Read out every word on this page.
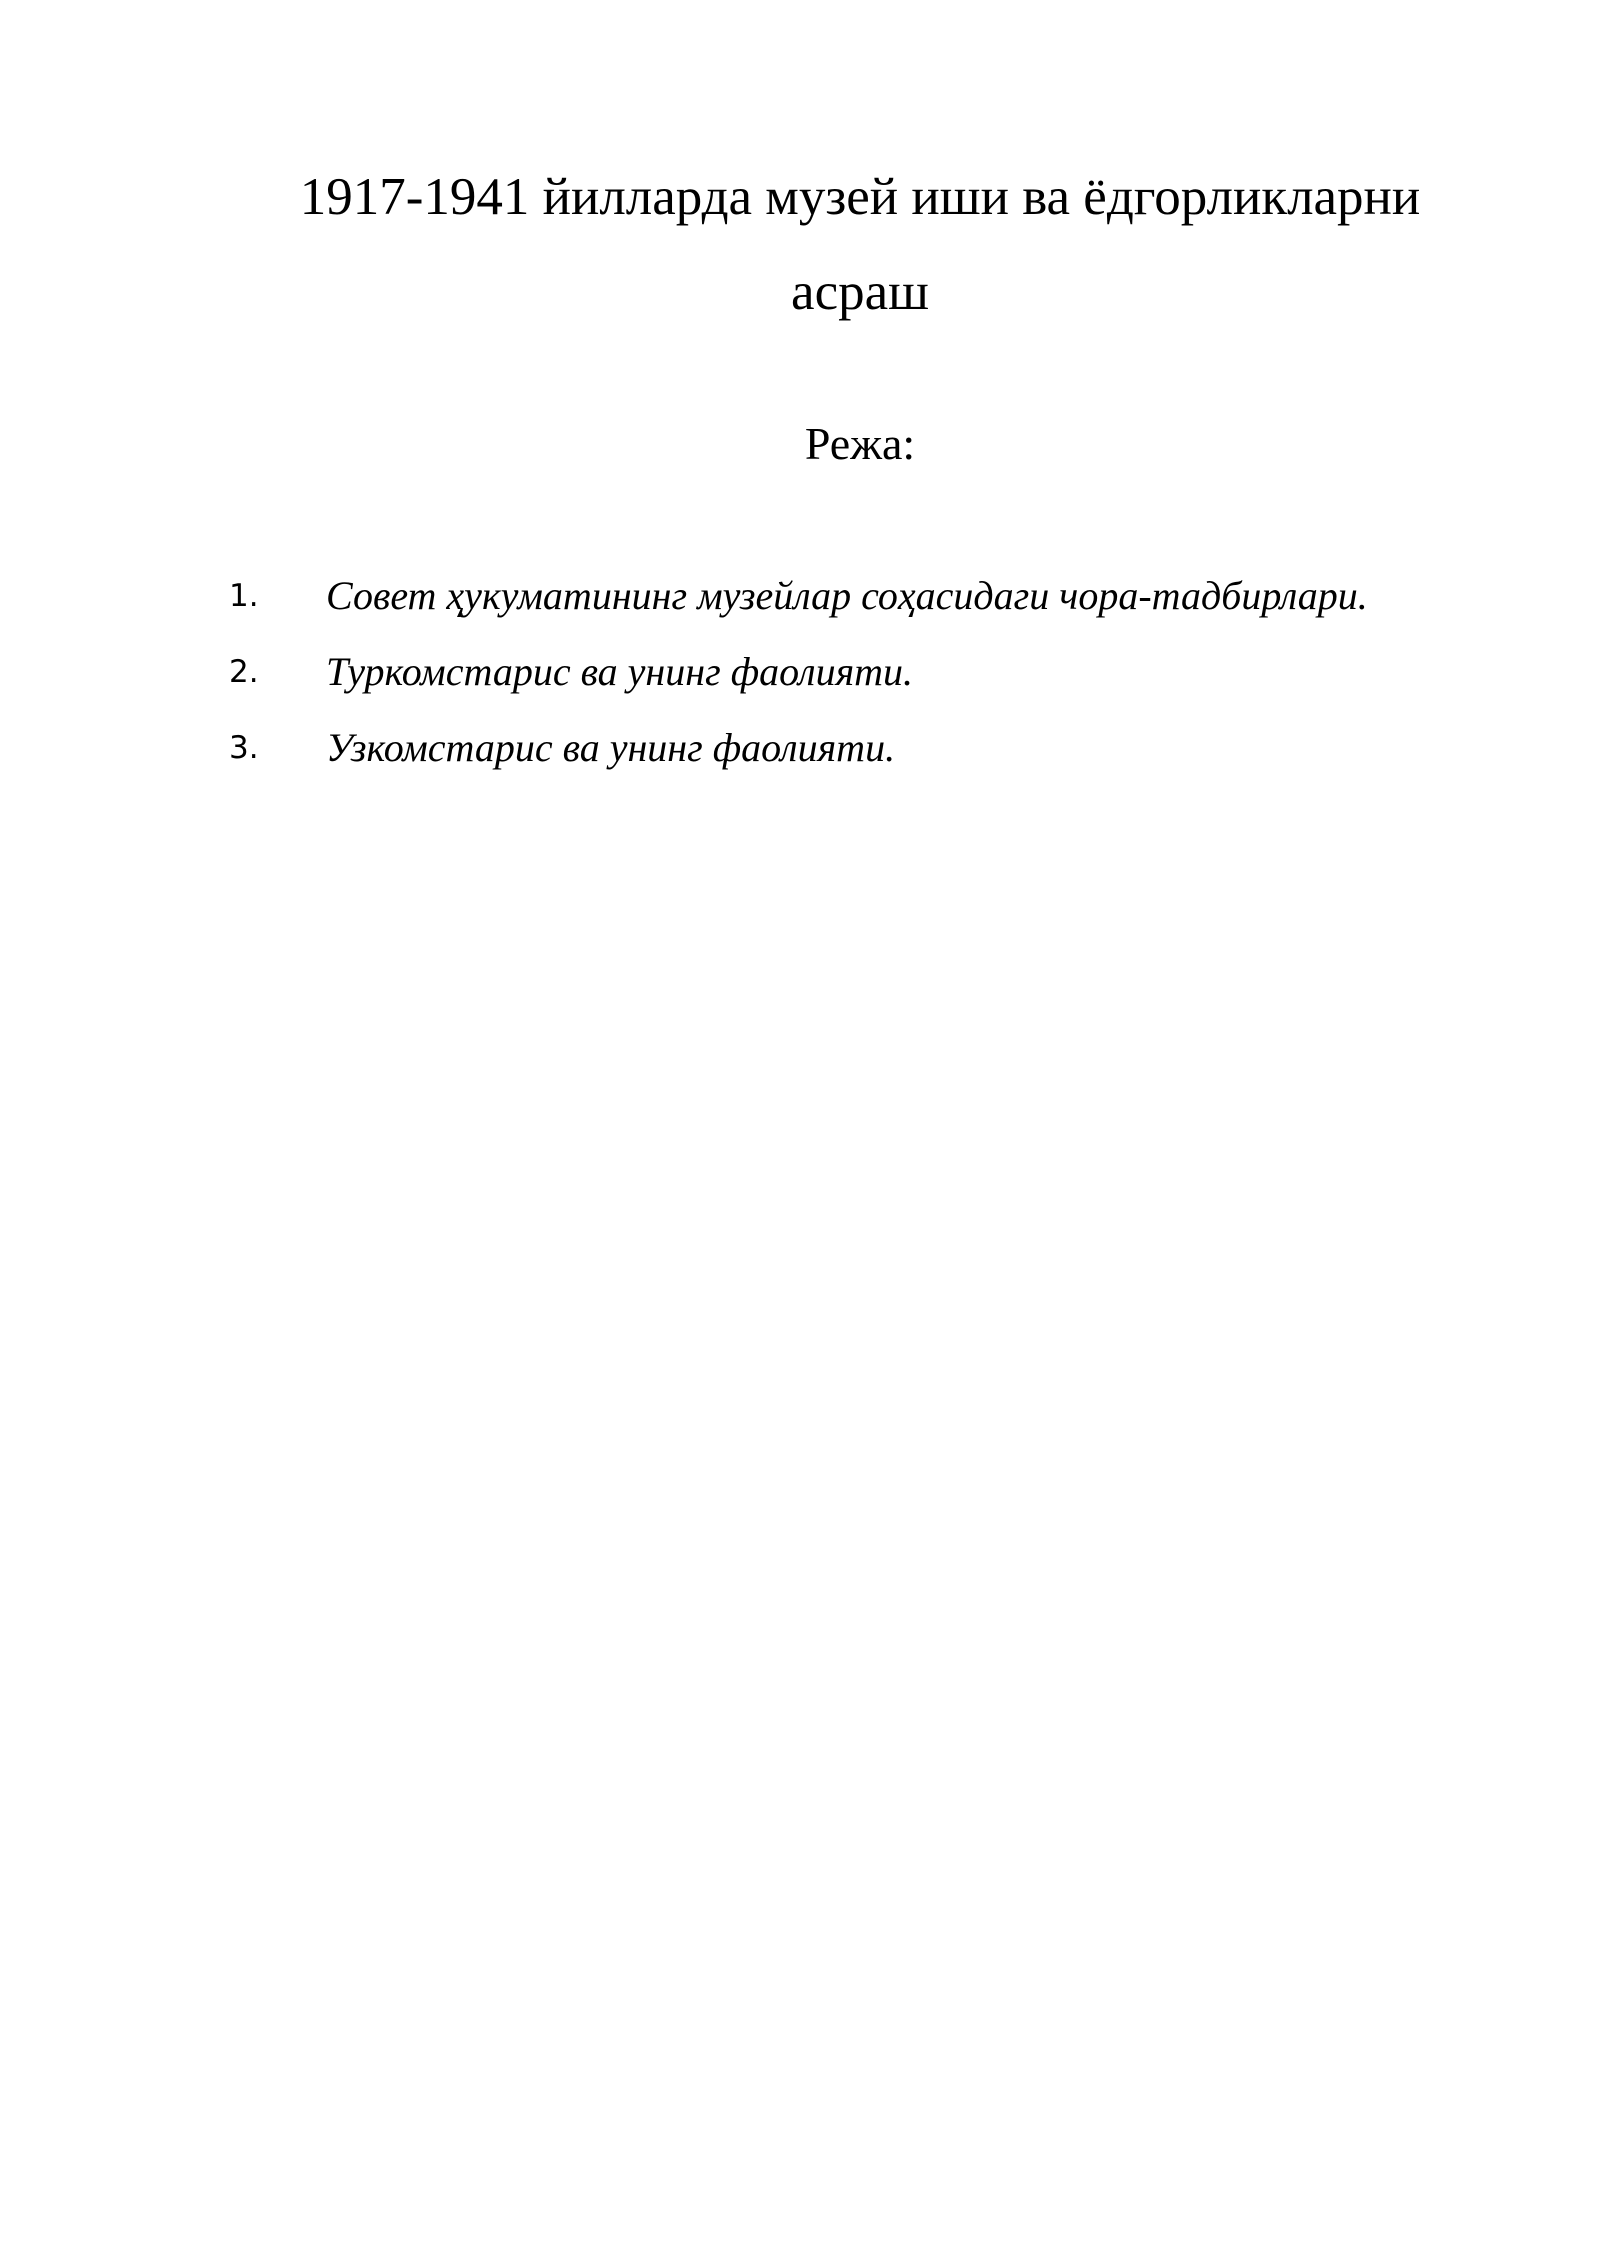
1917-1941 йилларда музей иши ва ёдгорликларни асраш
Режа:
1. Совет ҳукуматининг музейлар соҳасидаги чора-тадбирлари.
2. Туркомстарис ва унинг фаолияти.
3. Узкомстарис ва унинг фаолияти.
